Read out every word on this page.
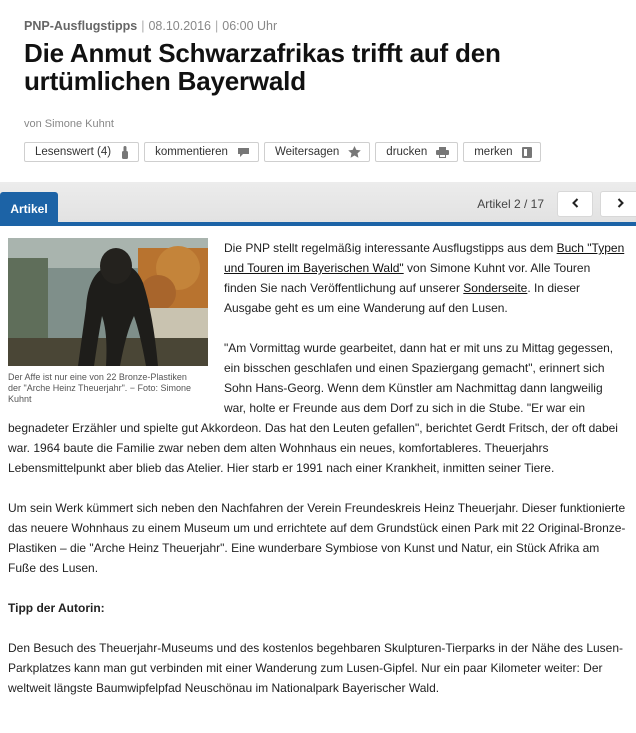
PNP-Ausflugstipps | 08.10.2016 | 06:00 Uhr
Die Anmut Schwarzafrikas trifft auf den urtümlichen Bayerwald
von Simone Kuhnt
Lesenswert (4)	kommentieren	Weitersagen	drucken	merken
Artikel	Artikel 2 / 17
Der Affe ist nur eine von 22 Bronze-Plastiken der "Arche Heinz Theuerjahr". − Foto: Simone Kuhnt

Die PNP stellt regelmäßig interessante Ausflugstipps aus dem Buch "Typen und Touren im Bayerischen Wald" von Simone Kuhnt vor. Alle Touren finden Sie nach Veröffentlichung auf unserer Sonderseite. In dieser Ausgabe geht es um eine Wanderung auf den Lusen.

"Am Vormittag wurde gearbeitet, dann hat er mit uns zu Mittag gegessen, ein bisschen geschlafen und einen Spaziergang gemacht", erinnert sich Sohn Hans-Georg. Wenn dem Künstler am Nachmittag dann langweilig war, holte er Freunde aus dem Dorf zu sich in die Stube. "Er war ein begnadeter Erzähler und spielte gut Akkordeon. Das hat den Leuten gefallen", berichtet Gerdt Fritsch, der oft dabei war. 1964 baute die Familie zwar neben dem alten Wohnhaus ein neues, komfortableres. Theuerjahrs Lebensmittelpunkt aber blieb das Atelier. Hier starb er 1991 nach einer Krankheit, inmitten seiner Tiere.

Um sein Werk kümmert sich neben den Nachfahren der Verein Freundeskreis Heinz Theuerjahr. Dieser funktionierte das neuere Wohnhaus zu einem Museum um und errichtete auf dem Grundstück einen Park mit 22 Original-Bronze-Plastiken – die "Arche Heinz Theuerjahr". Eine wunderbare Symbiose von Kunst und Natur, ein Stück Afrika am Fuße des Lusen.

Tipp der Autorin:

Den Besuch des Theuerjahr-Museums und des kostenlos begehbaren Skulpturen-Tierparks in der Nähe des Lusen-Parkplatzes kann man gut verbinden mit einer Wanderung zum Lusen-Gipfel. Nur ein paar Kilometer weiter: Der weltweit längste Baumwipfelpfad Neuschönau im Nationalpark Bayerischer Wald.
